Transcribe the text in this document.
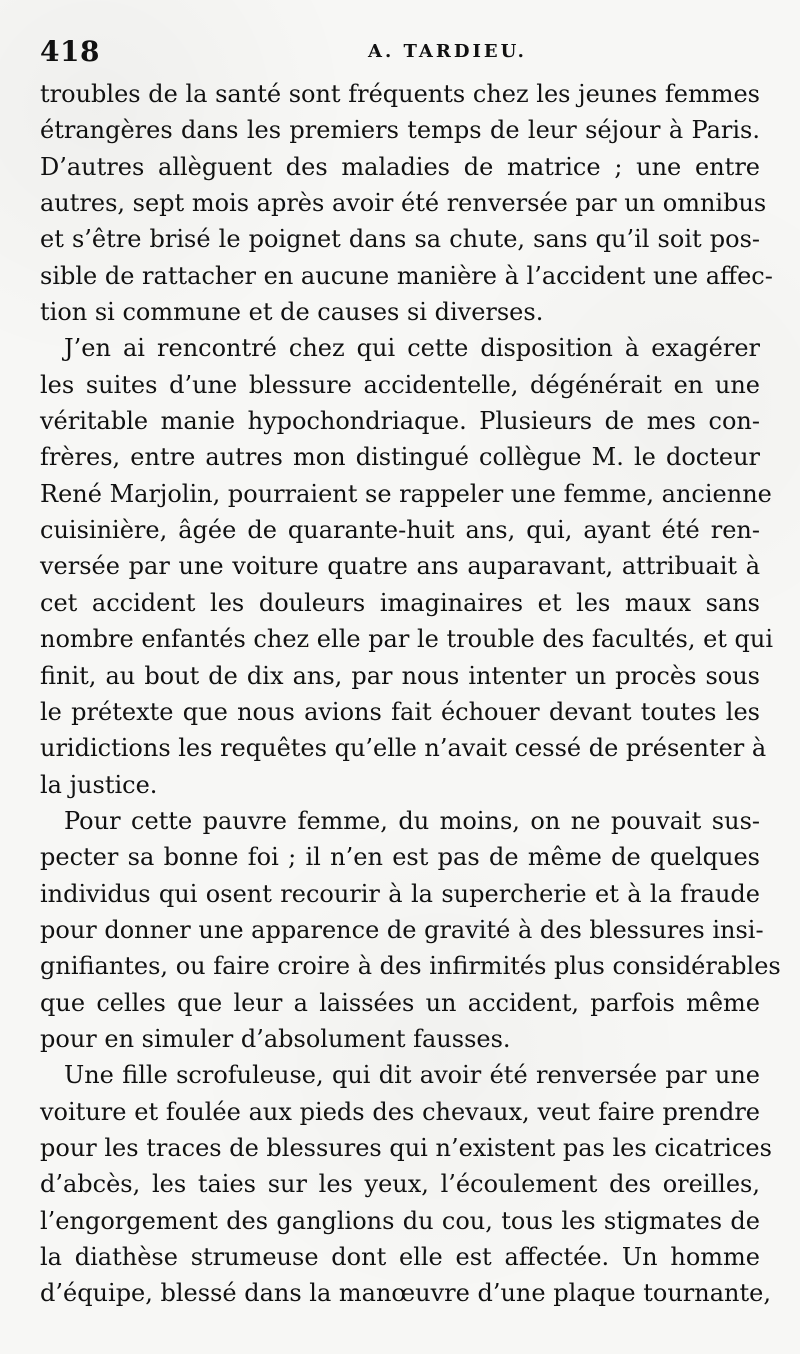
418	A. TARDIEU.
troubles de la santé sont fréquents chez les jeunes femmes
étrangères dans les premiers temps de leur séjour à Paris.
D’autres allèguent des maladies de matrice ; une entre
autres, sept mois après avoir été renversée par un omnibus
et s’être brisé le poignet dans sa chute, sans qu’il soit pos-
sible de rattacher en aucune manière à l’accident une affec-
tion si commune et de causes si diverses.
J’en ai rencontré chez qui cette disposition à exagérer
les suites d’une blessure accidentelle, dégénérait en une
véritable manie hypochondriaque. Plusieurs de mes con-
frères, entre autres mon distingué collègue M. le docteur
René Marjolin, pourraient se rappeler une femme, ancienne
cuisinière, âgée de quarante-huit ans, qui, ayant été ren-
versée par une voiture quatre ans auparavant, attribuait à
cet accident les douleurs imaginaires et les maux sans
nombre enfantés chez elle par le trouble des facultés, et qui
finit, au bout de dix ans, par nous intenter un procès sous
le prétexte que nous avions fait échouer devant toutes les
uridictions les requêtes qu’elle n’avait cessé de présenter à
la justice.
Pour cette pauvre femme, du moins, on ne pouvait sus-
pecter sa bonne foi ; il n’en est pas de même de quelques
individus qui osent recourir à la supercherie et à la fraude
pour donner une apparence de gravité à des blessures insi-
gnifiantes, ou faire croire à des infirmités plus considérables
que celles que leur a laissées un accident, parfois même
pour en simuler d’absolument fausses.
Une fille scrofuleuse, qui dit avoir été renversée par une
voiture et foulée aux pieds des chevaux, veut faire prendre
pour les traces de blessures qui n’existent pas les cicatrices
d’abcès, les taies sur les yeux, l’écoulement des oreilles,
l’engorgement des ganglions du cou, tous les stigmates de
la diathèse strumeuse dont elle est affectée. Un homme
d’équipe, blessé dans la manœuvre d’une plaque tournante,
